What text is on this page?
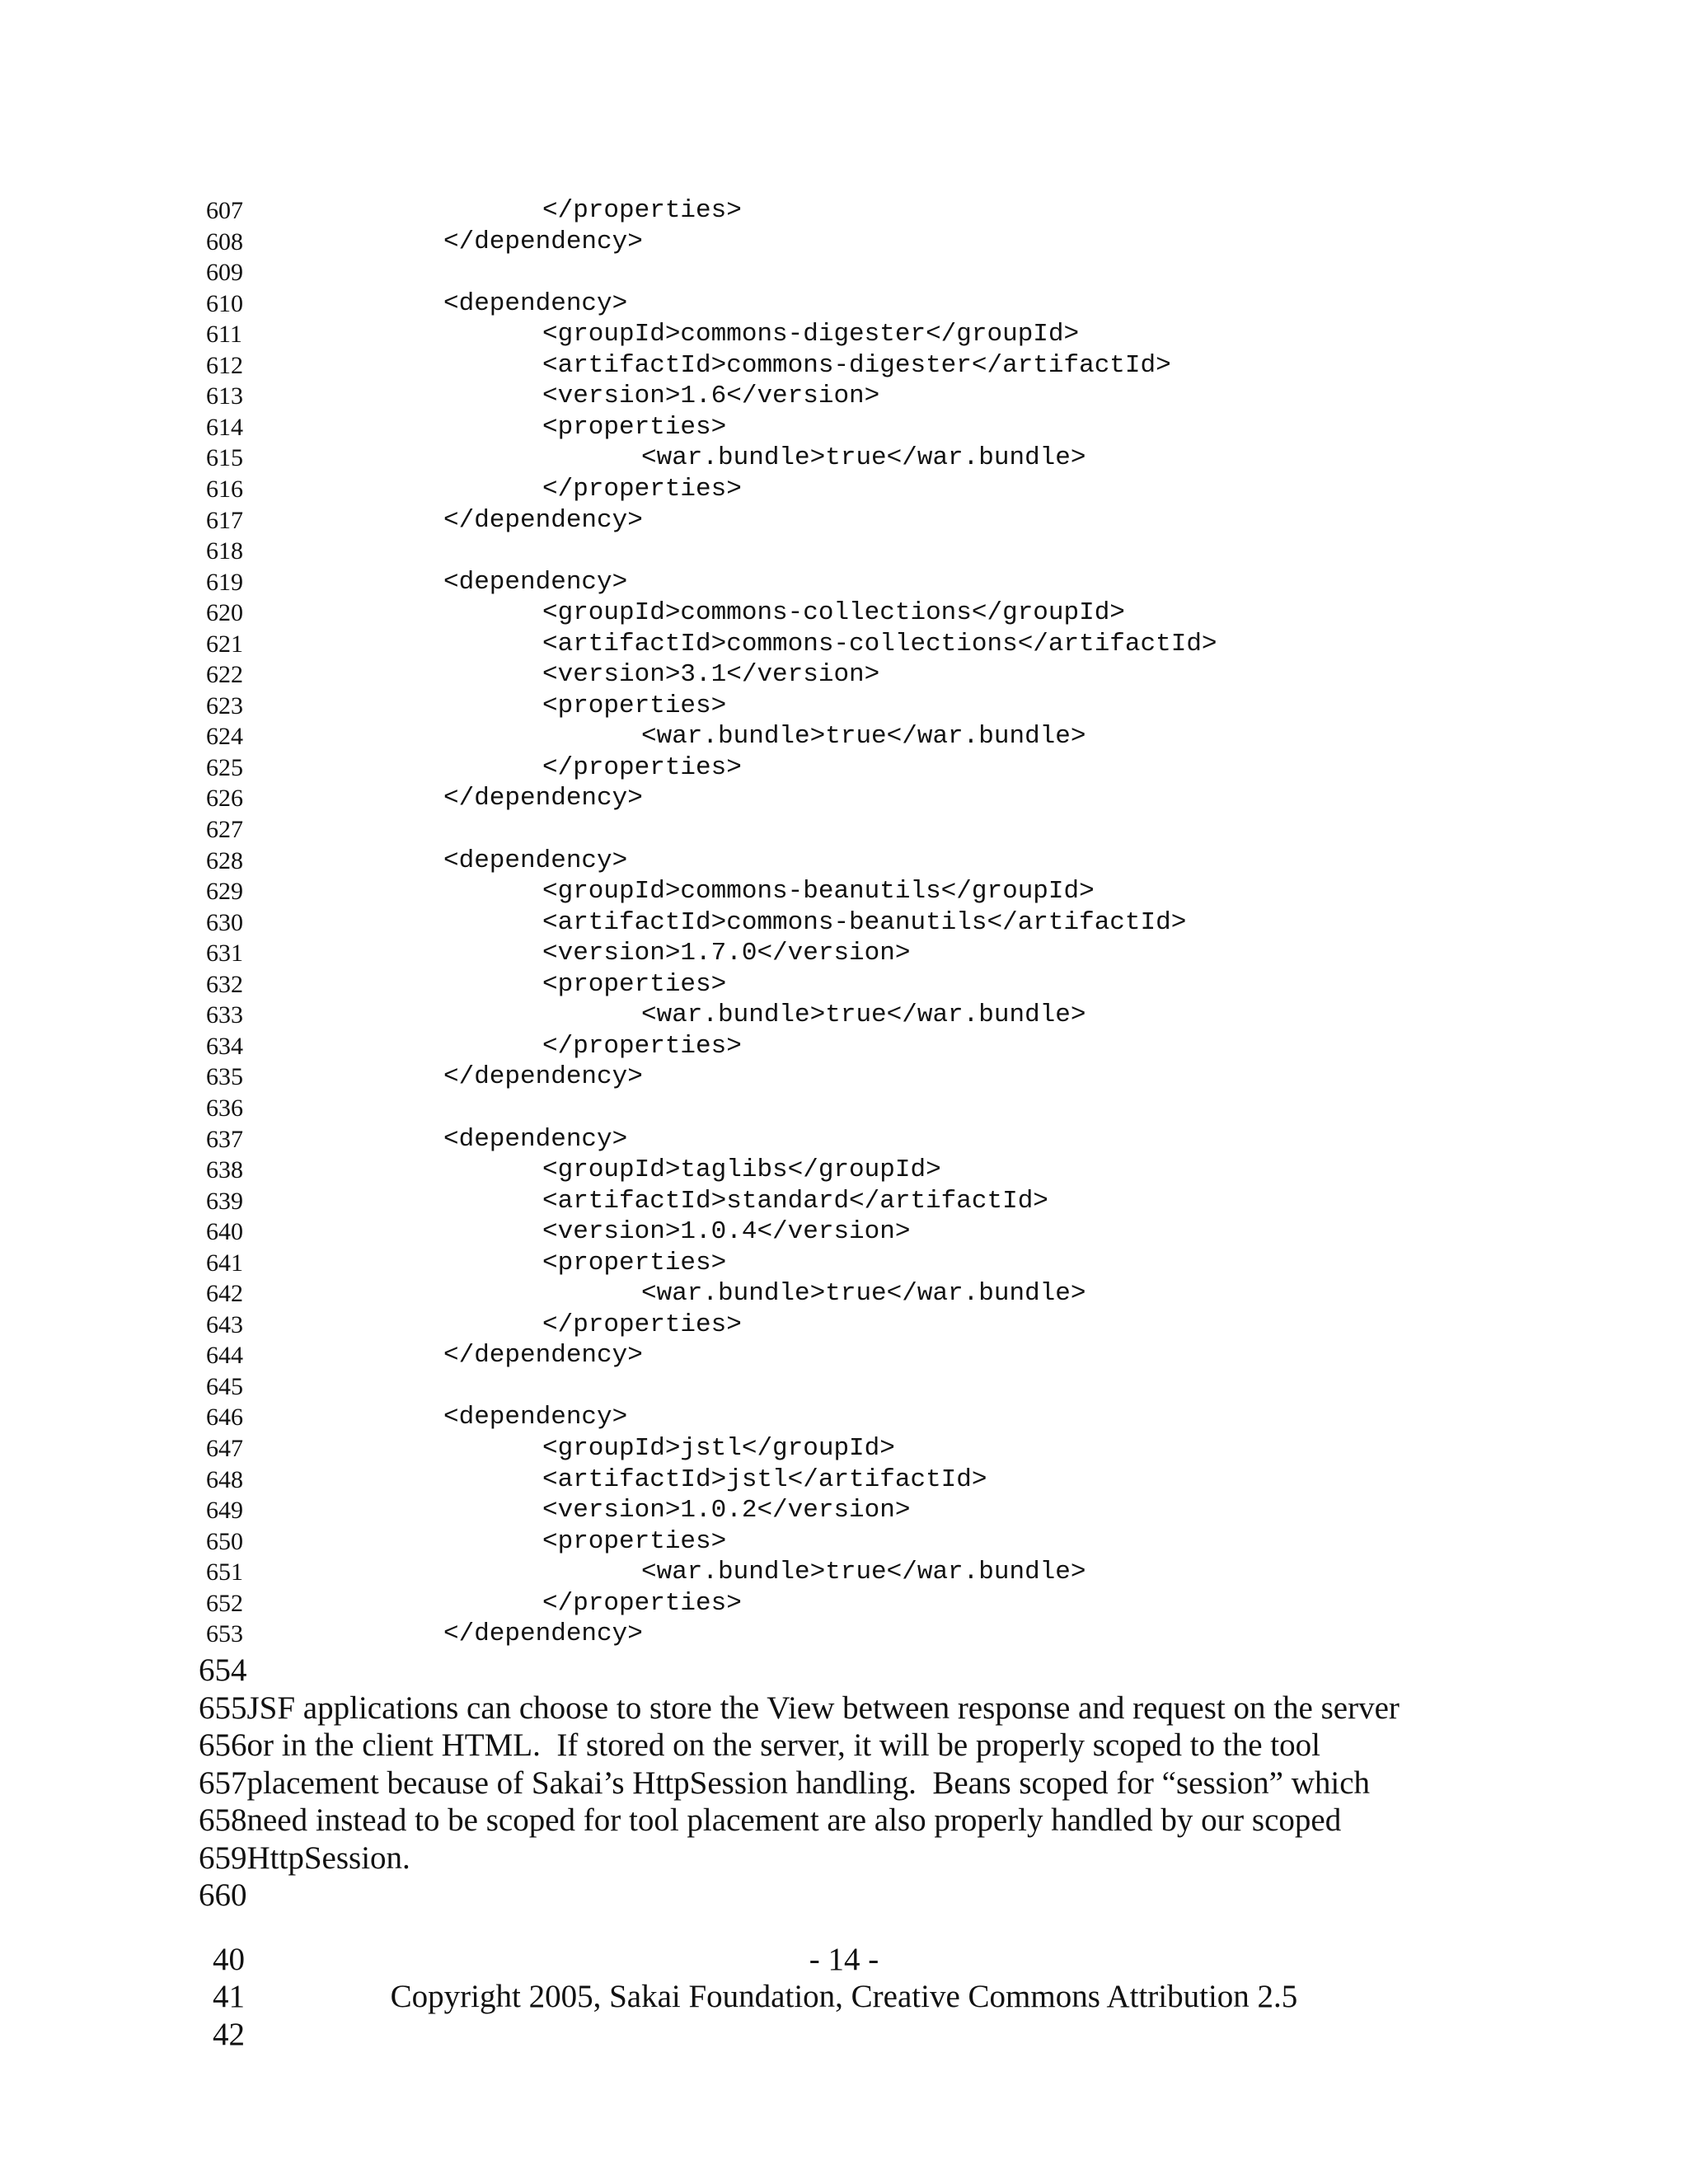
607	</properties>
608	</dependency>
609
610	<dependency>
611	<groupId>commons-digester</groupId>
612	<artifactId>commons-digester</artifactId>
613	<version>1.6</version>
614	<properties>
615	<war.bundle>true</war.bundle>
616	</properties>
617	</dependency>
618
619	<dependency>
620	<groupId>commons-collections</groupId>
621	<artifactId>commons-collections</artifactId>
622	<version>3.1</version>
623	<properties>
624	<war.bundle>true</war.bundle>
625	</properties>
626	</dependency>
627
628	<dependency>
629	<groupId>commons-beanutils</groupId>
630	<artifactId>commons-beanutils</artifactId>
631	<version>1.7.0</version>
632	<properties>
633	<war.bundle>true</war.bundle>
634	</properties>
635	</dependency>
636
637	<dependency>
638	<groupId>taglibs</groupId>
639	<artifactId>standard</artifactId>
640	<version>1.0.4</version>
641	<properties>
642	<war.bundle>true</war.bundle>
643	</properties>
644	</dependency>
645
646	<dependency>
647	<groupId>jstl</groupId>
648	<artifactId>jstl</artifactId>
649	<version>1.0.2</version>
650	<properties>
651	<war.bundle>true</war.bundle>
652	</properties>
653	</dependency>
654
655JSF applications can choose to store the View between response and request on the server
656or in the client HTML.  If stored on the server, it will be properly scoped to the tool
657placement because of Sakai’s HttpSession handling.  Beans scoped for “session” which
658need instead to be scoped for tool placement are also properly handled by our scoped
659HttpSession.
660
40	- 14 -
41	Copyright 2005, Sakai Foundation, Creative Commons Attribution 2.5
42
